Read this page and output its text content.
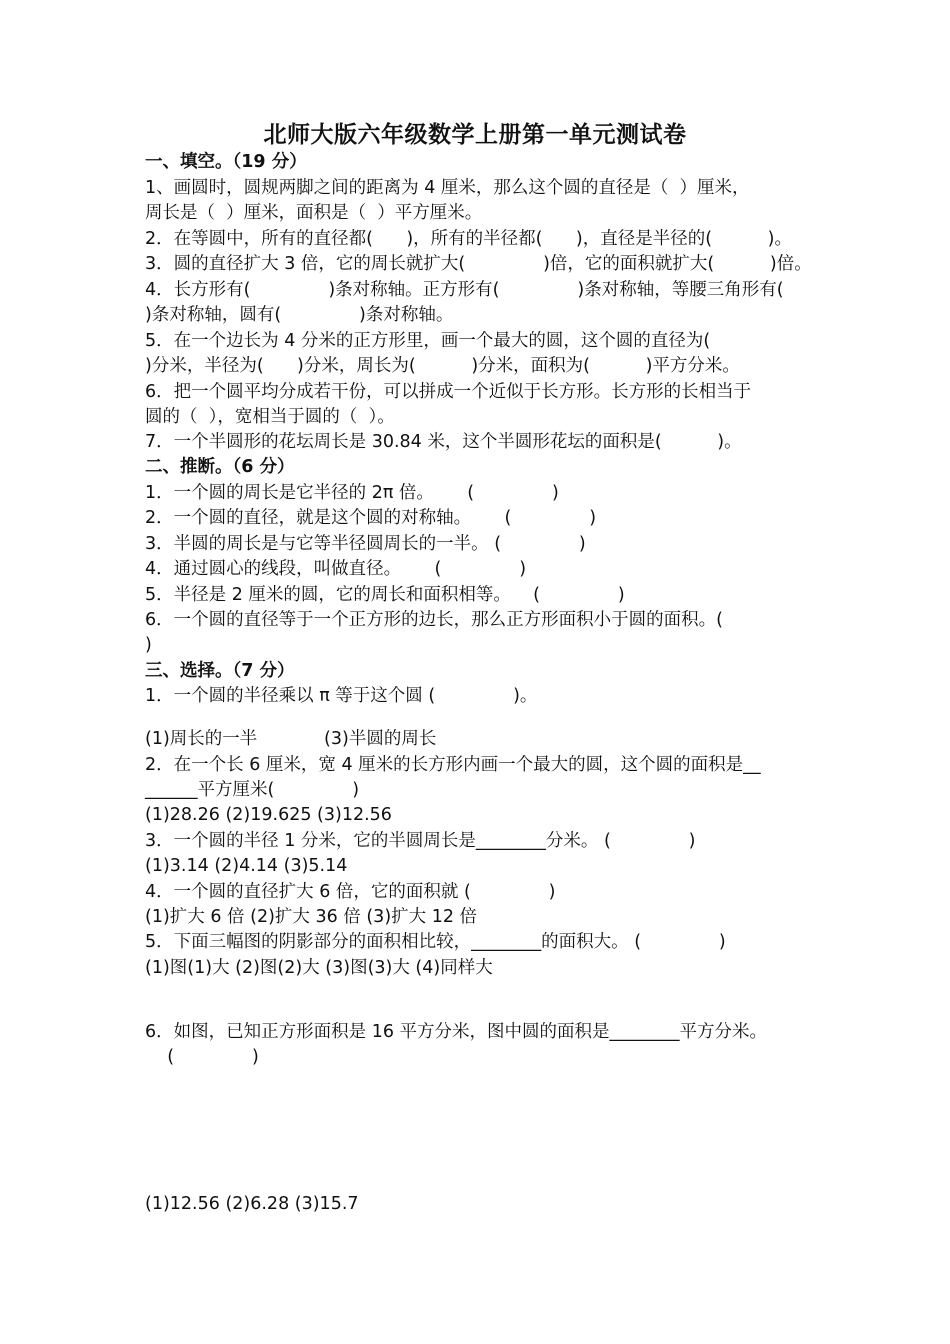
北师大版六年级数学上册第一单元测试卷
一、填空。（19 分）
1、画圆时，圆规两脚之间的距离为 4 厘米，那么这个圆的直径是（  ）厘米，
周长是（  ）厘米，面积是（  ）平方厘米。
2．在等圆中，所有的直径都(      )，所有的半径都(      )，直径是半径的(          )。
3．圆的直径扩大 3 倍，它的周长就扩大(              )倍，它的面积就扩大(          )倍。
4．长方形有(              )条对称轴。正方形有(              )条对称轴，等腰三角形有(
)条对称轴，圆有(              )条对称轴。
5．在一个边长为 4 分米的正方形里，画一个最大的圆，这个圆的直径为(
)分米，半径为(      )分米，周长为(          )分米，面积为(          )平方分米。
6．把一个圆平均分成若干份，可以拼成一个近似于长方形。长方形的长相当于
圆的（  ），宽相当于圆的（  ）。
7．一个半圆形的花坛周长是 30.84 米，这个半圆形花坛的面积是(          )。
二、推断。（6 分）
1．一个圆的周长是它半径的 2π 倍。      (              )
2．一个圆的直径，就是这个圆的对称轴。      (              )
3．半圆的周长是与它等半径圆周长的一半。 (              )
4．通过圆心的线段，叫做直径。      (              )
5．半径是 2 厘米的圆，它的周长和面积相等。    (              )
6．一个圆的直径等于一个正方形的边长，那么正方形面积小于圆的面积。(
)
三、选择。（7 分）
1．一个圆的半径乘以 π 等于这个圆 (              )。
(1)周长的一半            (3)半圆的周长
2．在一个长 6 厘米，宽 4 厘米的长方形内画一个最大的圆，这个圆的面积是__
______平方厘米(              )
(1)28.26 (2)19.625 (3)12.56
3．一个圆的半径 1 分米，它的半圆周长是________分米。 (              )
(1)3.14 (2)4.14 (3)5.14
4．一个圆的直径扩大 6 倍，它的面积就 (              )
(1)扩大 6 倍 (2)扩大 36 倍 (3)扩大 12 倍
5．下面三幅图的阴影部分的面积相比较，________的面积大。 (              )
(1)图(1)大 (2)图(2)大 (3)图(3)大 (4)同样大
6．如图，已知正方形面积是 16 平方分米，图中圆的面积是________平方分米。
(              )
(1)12.56 (2)6.28 (3)15.7
